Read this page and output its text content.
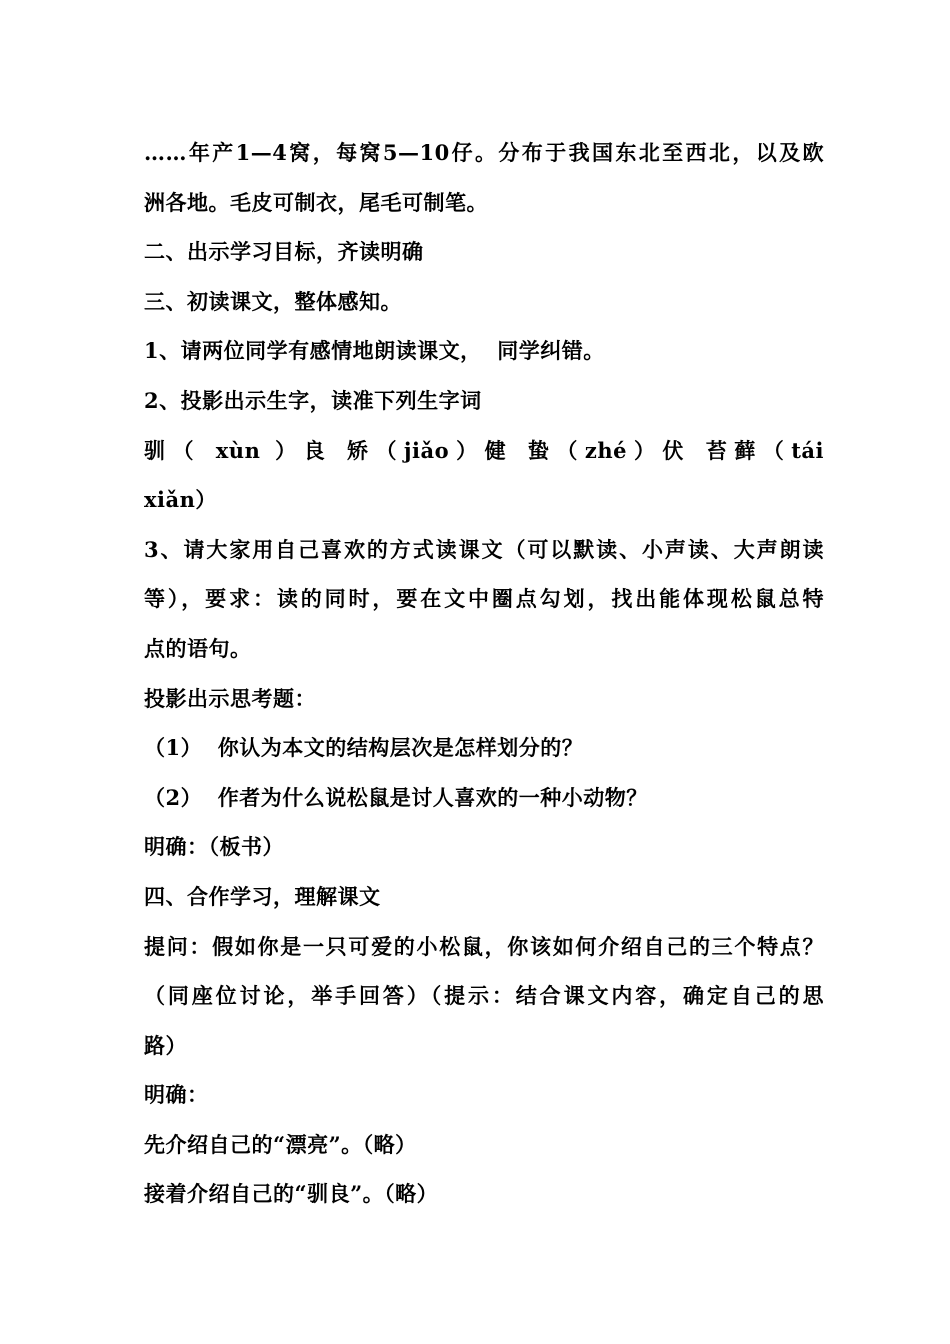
……年产1—4窝，每窝5—10仔。分布于我国东北至西北，以及欧
洲各地。毛皮可制衣，尾毛可制笔。
二、出示学习目标，齐读明确
三、初读课文，整体感知。
1、请两位同学有感情地朗读课文，  同学纠错。
2、投影出示生字，读准下列生字词
驯（ xùn ）良 矫（jiǎo）健 蛰（zhé）伏 苔藓（tái
xiǎn）
3、请大家用自己喜欢的方式读课文（可以默读、小声读、大声朗读
等），要求：读的同时，要在文中圈点勾划，找出能体现松鼠总特
点的语句。
投影出示思考题：
（1）  你认为本文的结构层次是怎样划分的？
（2）  作者为什么说松鼠是讨人喜欢的一种小动物？
明确：（板书）
四、合作学习，理解课文
提问：假如你是一只可爱的小松鼠，你该如何介绍自己的三个特点？
（同座位讨论，举手回答）（提示：结合课文内容，确定自己的思
路）
明确：
先介绍自己的“漂亮”。（略）
接着介绍自己的“驯良”。（略）
